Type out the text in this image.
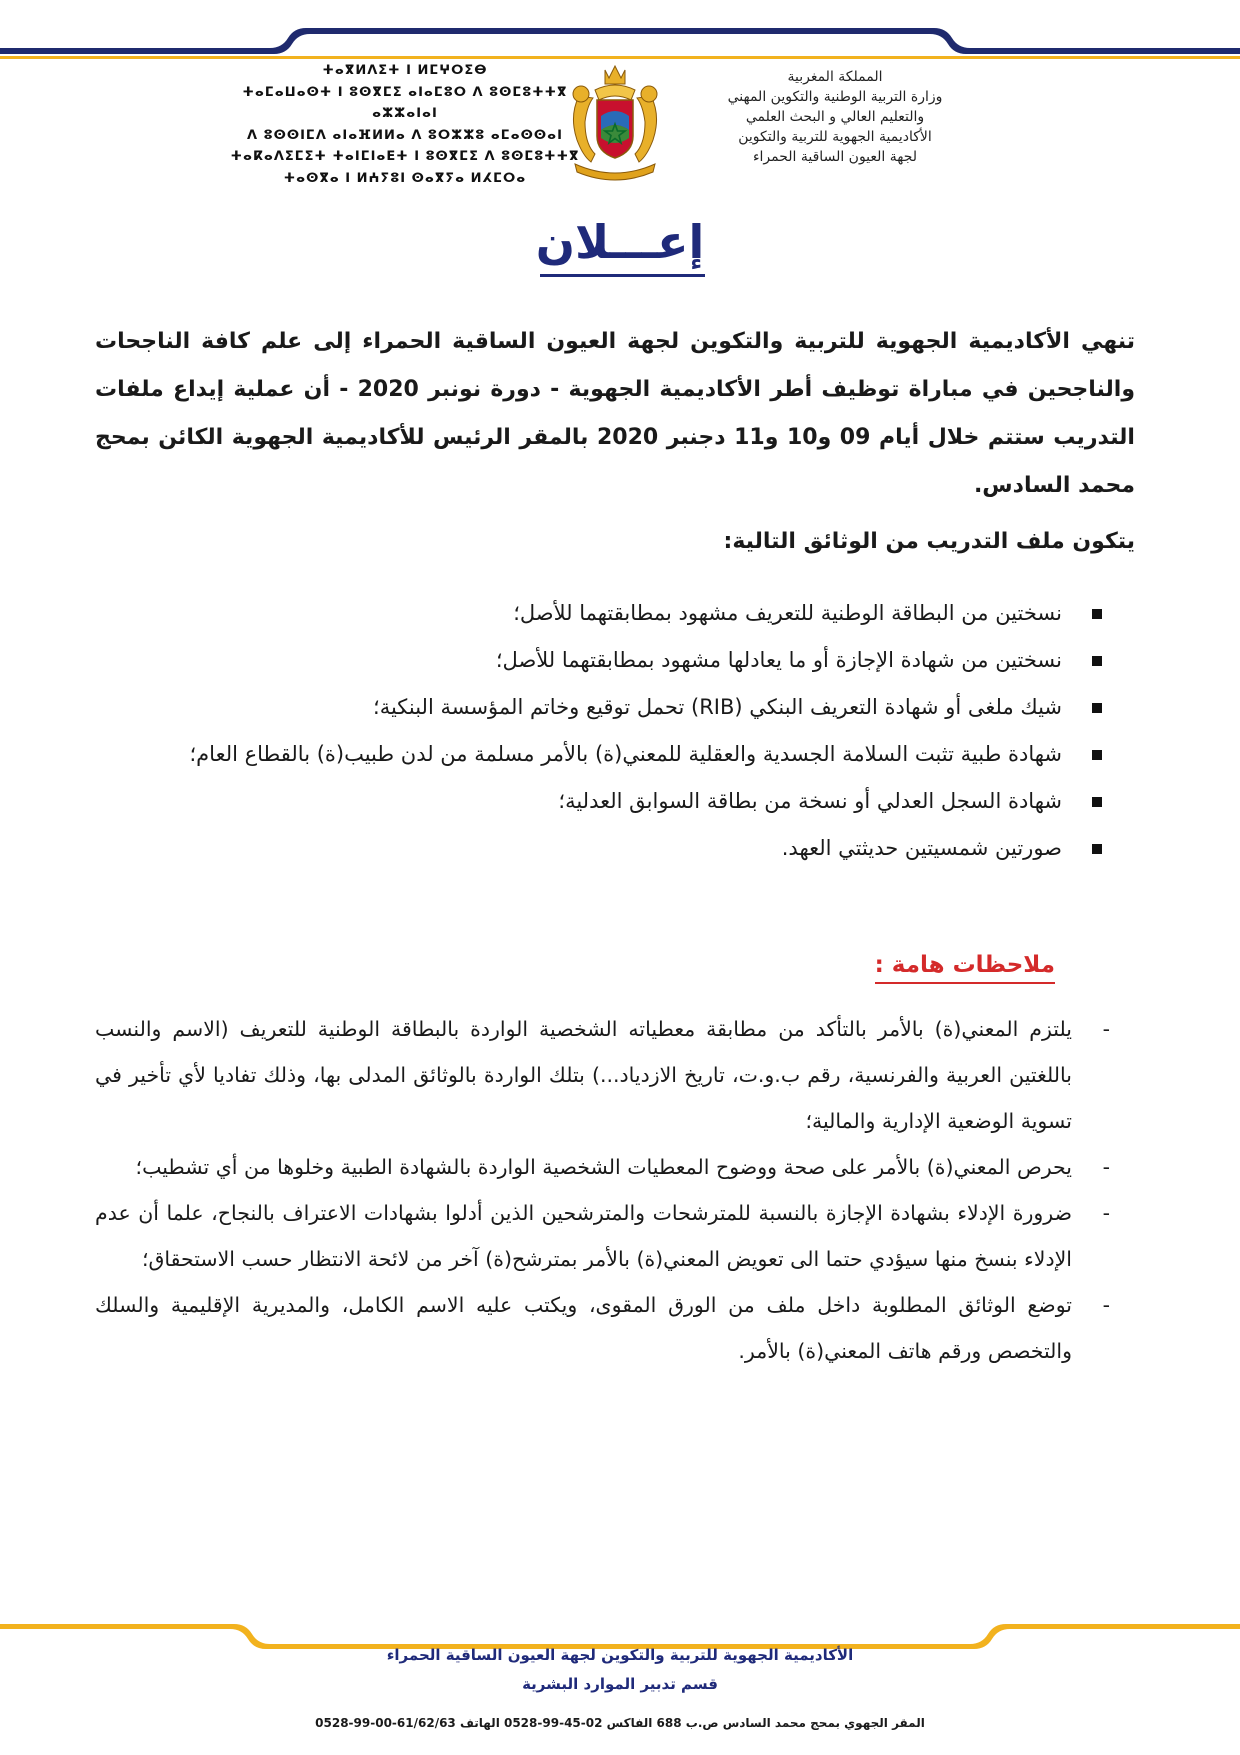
المملكة المغربية
وزارة التربية الوطنية والتكوين المهني
والتعليم العالي و البحث العلمي
الأكاديمية الجهوية للتربية والتكوين
لجهة العيون الساقية الحمراء
ⵜⴰⴳⵍⴷⵉⵜ ⵏ ⵍⵎⵖⵔⵉⴱ
ⵜⴰⵎⴰⵡⴰⵙⵜ ⵏ ⵓⵙⴳⵎⵉ ⴰⵏⴰⵎⵓⵔ ⴷ ⵓⵙⵎⵓⵜⵜⴳ ⴰⵣⵣⴰⵏⴰⵏ
ⴷ ⵓⵙⵙⵏⵎⴷ ⴰⵏⴰⴼⵍⵍⴰ ⴷ ⵓⵔⵣⵣⵓ ⴰⵎⴰⵙⵙⴰⵏ
ⵜⴰⴽⴰⴷⵉⵎⵉⵜ ⵜⴰⵏⵎⵏⴰⴹⵜ ⵏ ⵓⵙⴳⵎⵉ ⴷ ⵓⵙⵎⵓⵜⵜⴳ
ⵜⴰⵙⴳⴰ ⵏ ⵍⵄⵢⵓⵏ ⵙⴰⴳⵢⴰ ⵍⵃⵎⵔⴰ
إعـــلان
تنهي الأكاديمية الجهوية للتربية والتكوين لجهة العيون الساقية الحمراء إلى علم كافة الناجحات والناجحين في مباراة توظيف أطر الأكاديمية الجهوية - دورة نونبر 2020 - أن عملية إيداع ملفات التدريب ستتم خلال أيام 09 و10 و11 دجنبر 2020 بالمقر الرئيس للأكاديمية الجهوية الكائن بمحج محمد السادس.
يتكون ملف التدريب من الوثائق التالية:
نسختين من البطاقة الوطنية للتعريف مشهود بمطابقتهما للأصل؛
نسختين من شهادة الإجازة أو ما يعادلها مشهود بمطابقتهما للأصل؛
شيك ملغى أو شهادة التعريف البنكي (RIB) تحمل توقيع وخاتم المؤسسة البنكية؛
شهادة طبية تثبت السلامة الجسدية والعقلية للمعني(ة) بالأمر مسلمة من لدن طبيب(ة) بالقطاع العام؛
شهادة السجل العدلي أو نسخة من بطاقة السوابق العدلية؛
صورتين شمسيتين حديثتي العهد.
ملاحظات هامة :
-
يلتزم المعني(ة) بالأمر بالتأكد من مطابقة معطياته الشخصية الواردة بالبطاقة الوطنية للتعريف (الاسم والنسب باللغتين العربية والفرنسية، رقم ب.و.ت، تاريخ الازدياد...) بتلك الواردة بالوثائق المدلى بها، وذلك تفاديا لأي تأخير في تسوية الوضعية الإدارية والمالية؛
-
يحرص المعني(ة) بالأمر على صحة ووضوح المعطيات الشخصية الواردة بالشهادة الطبية وخلوها من أي تشطيب؛
-
ضرورة الإدلاء بشهادة الإجازة بالنسبة للمترشحات والمترشحين الذين أدلوا بشهادات الاعتراف بالنجاح، علما أن عدم الإدلاء بنسخ منها سيؤدي حتما الى تعويض المعني(ة) بالأمر بمترشح(ة) آخر من لائحة الانتظار حسب الاستحقاق؛
-
توضع الوثائق المطلوبة داخل ملف من الورق المقوى، ويكتب عليه الاسم الكامل، والمديرية الإقليمية والسلك والتخصص ورقم هاتف المعني(ة) بالأمر.
الأكاديمية الجهوية للتربية والتكوين لجهة العيون الساقية الحمراء
قسم تدبير الموارد البشرية
المقر الجهوي بمحج محمد السادس ص.ب 688 الفاكس 02-45-99-0528 الهاتف 61/62/63-00-99-0528
